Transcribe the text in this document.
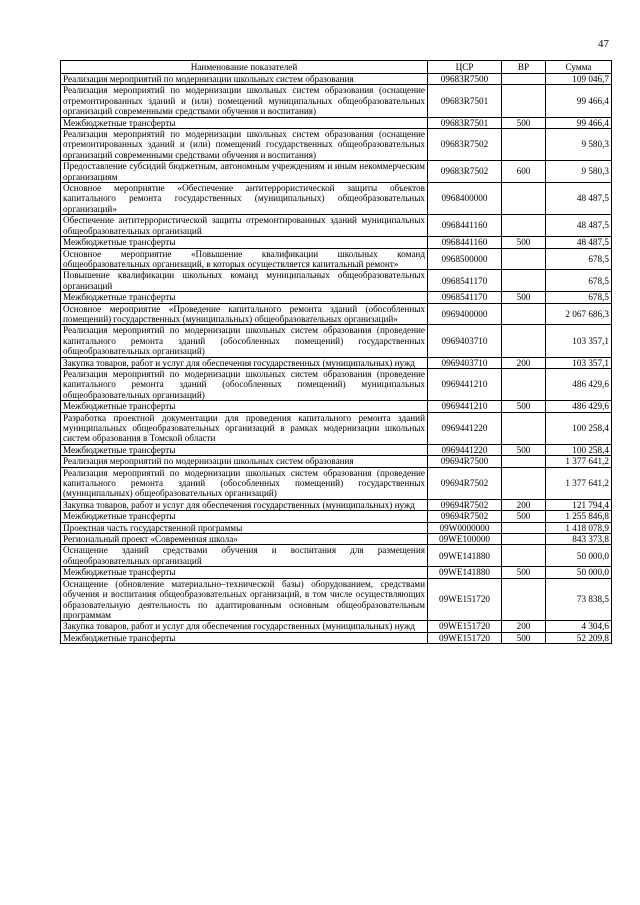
47
Наименование показателей	ЦСР	ВР	Сумма
Реализация мероприятий по модернизации школьных систем образования	09683R7500		109 046,7
Реализация мероприятий по модернизации школьных систем образования (оснащение отремонтированных зданий и (или) помещений муниципальных общеобразовательных организаций современными средствами обучения и воспитания)	09683R7501		99 466,4
Межбюджетные трансферты	09683R7501	500	99 466,4
Реализация мероприятий по модернизации школьных систем образования (оснащение отремонтированных зданий и (или) помещений государственных общеобразовательных организаций современными средствами обучения и воспитания)	09683R7502		9 580,3
Предоставление субсидий бюджетным, автономным учреждениям и иным некоммерческим организациям	09683R7502	600	9 580,3
Основное мероприятие «Обеспечение антитеррористической защиты объектов капитального ремонта государственных (муниципальных) общеобразовательных организаций»	0968400000		48 487,5
Обеспечение антитеррористической защиты отремонтированных зданий муниципальных общеобразовательных организаций	0968441160		48 487,5
Межбюджетные трансферты	0968441160	500	48 487,5
Основное мероприятие «Повышение квалификации школьных команд общеобразовательных организаций, в которых осуществляется капитальный ремонт»	0968500000		678,5
Повышение квалификации школьных команд муниципальных общеобразовательных организаций	0968541170		678,5
Межбюджетные трансферты	0968541170	500	678,5
Основное мероприятие «Проведение капитального ремонта зданий (обособленных помещений) государственных (муниципальных) общеобразовательных организаций»	0969400000		2 067 686,3
Реализация мероприятий по модернизации школьных систем образования (проведение капитального ремонта зданий (обособленных помещений) государственных общеобразовательных организаций)	0969403710		103 357,1
Закупка товаров, работ и услуг для обеспечения государственных (муниципальных) нужд	0969403710	200	103 357,1
Реализация мероприятий по модернизации школьных систем образования (проведение капитального ремонта зданий (обособленных помещений) муниципальных общеобразовательных организаций)	0969441210		486 429,6
Межбюджетные трансферты	0969441210	500	486 429,6
Разработка проектной документации для проведения капитального ремонта зданий муниципальных общеобразовательных организаций в рамках модернизации школьных систем образования в Томской области	0969441220		100 258,4
Межбюджетные трансферты	0969441220	500	100 258,4
Реализация мероприятий по модернизации школьных систем образования	09694R7500		1 377 641,2
Реализация мероприятий по модернизации школьных систем образования (проведение капитального ремонта зданий (обособленных помещений) государственных (муниципальных) общеобразовательных организаций)	09694R7502		1 377 641,2
Закупка товаров, работ и услуг для обеспечения государственных (муниципальных) нужд	09694R7502	200	121 794,4
Межбюджетные трансферты	09694R7502	500	1 255 846,8
Проектная часть государственной программы	09W0000000		1 418 078,9
Региональный проект «Современная школа»	09WE100000		843 373,8
Оснащение зданий средствами обучения и воспитания для размещения общеобразовательных организаций	09WE141880		50 000,0
Межбюджетные трансферты	09WE141880	500	50 000,0
Оснащение (обновление материально–технической базы) оборудованием, средствами обучения и воспитания общеобразовательных организаций, в том числе осуществляющих образовательную деятельность по адаптированным основным общеобразовательным программам	09WE151720		73 838,5
Закупка товаров, работ и услуг для обеспечения государственных (муниципальных) нужд	09WE151720	200	4 304,6
Межбюджетные трансферты	09WE151720	500	52 209,8
